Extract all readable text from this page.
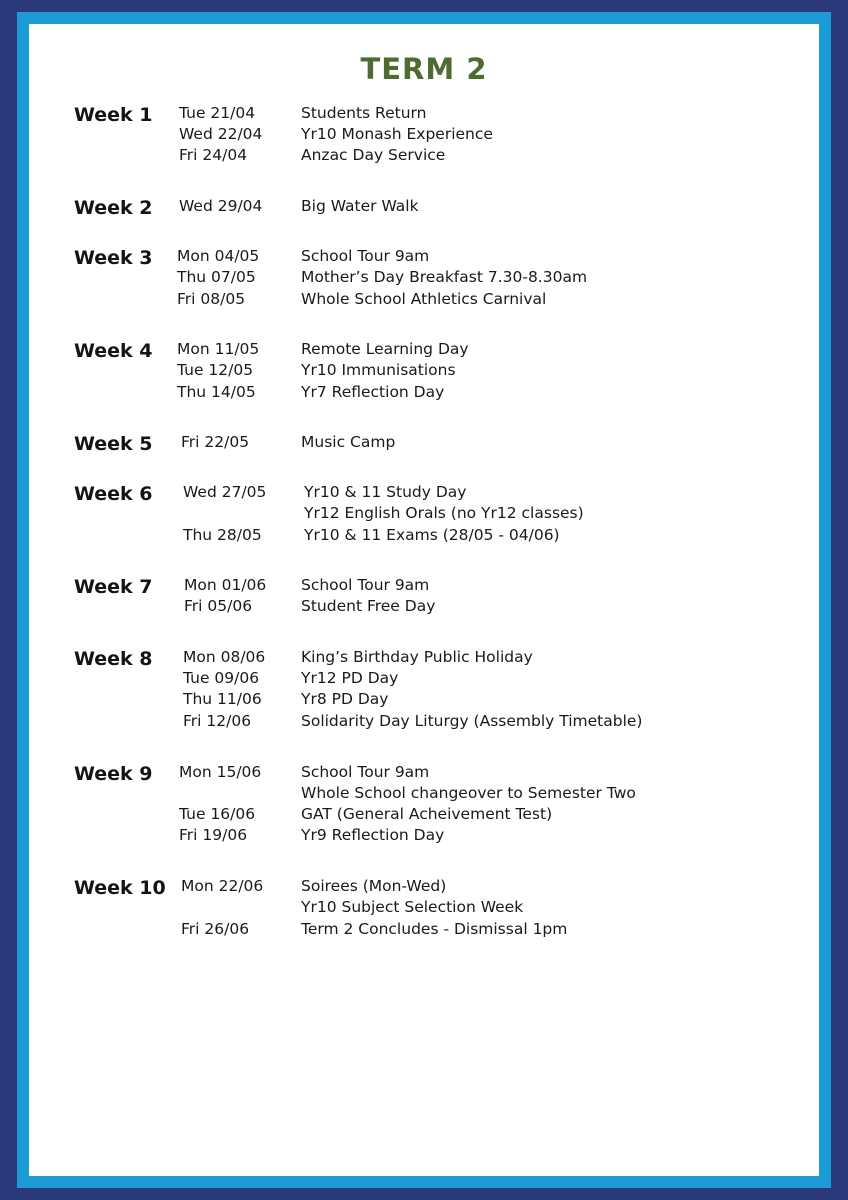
TERM 2
Week 1 Tue 21/04	Students Return
Wed 22/04 Yr10 Monash Experience
Fri 24/04	Anzac Day Service
Week 2 Wed 29/04 Big Water Walk
Week 3 Mon 04/05	School Tour 9am
Thu 07/05	Mother’s Day Breakfast 7.30-8.30am
Fri 08/05	Whole School Athletics Carnival
Week 4 Mon 11/05	Remote Learning Day
Tue 12/05	Yr10 Immunisations
Thu 14/05	Yr7 Reflection Day
Week 5 Fri 22/05	Music Camp
Week 6 Wed 27/05 Yr10 & 11 Study Day
Yr12 English Orals (no Yr12 classes)
Thu 28/05	Yr10 & 11 Exams (28/05 - 04/06)
Week 7 Mon 01/06 School Tour 9am
Fri 05/06	Student Free Day
Week 8 Mon 08/06 King’s Birthday Public Holiday
Tue 09/06	Yr12 PD Day
Thu 11/06	Yr8 PD Day
Fri 12/06	Solidarity Day Liturgy (Assembly Timetable)
Week 9 Mon 15/06	School Tour 9am
Whole School changeover to Semester Two
Tue 16/06	GAT (General Acheivement Test)
Fri 19/06	Yr9 Reflection Day
Week 10 Mon 22/06 Soirees (Mon-Wed)
Yr10 Subject Selection Week
Fri 26/06	Term 2 Concludes - Dismissal 1pm
